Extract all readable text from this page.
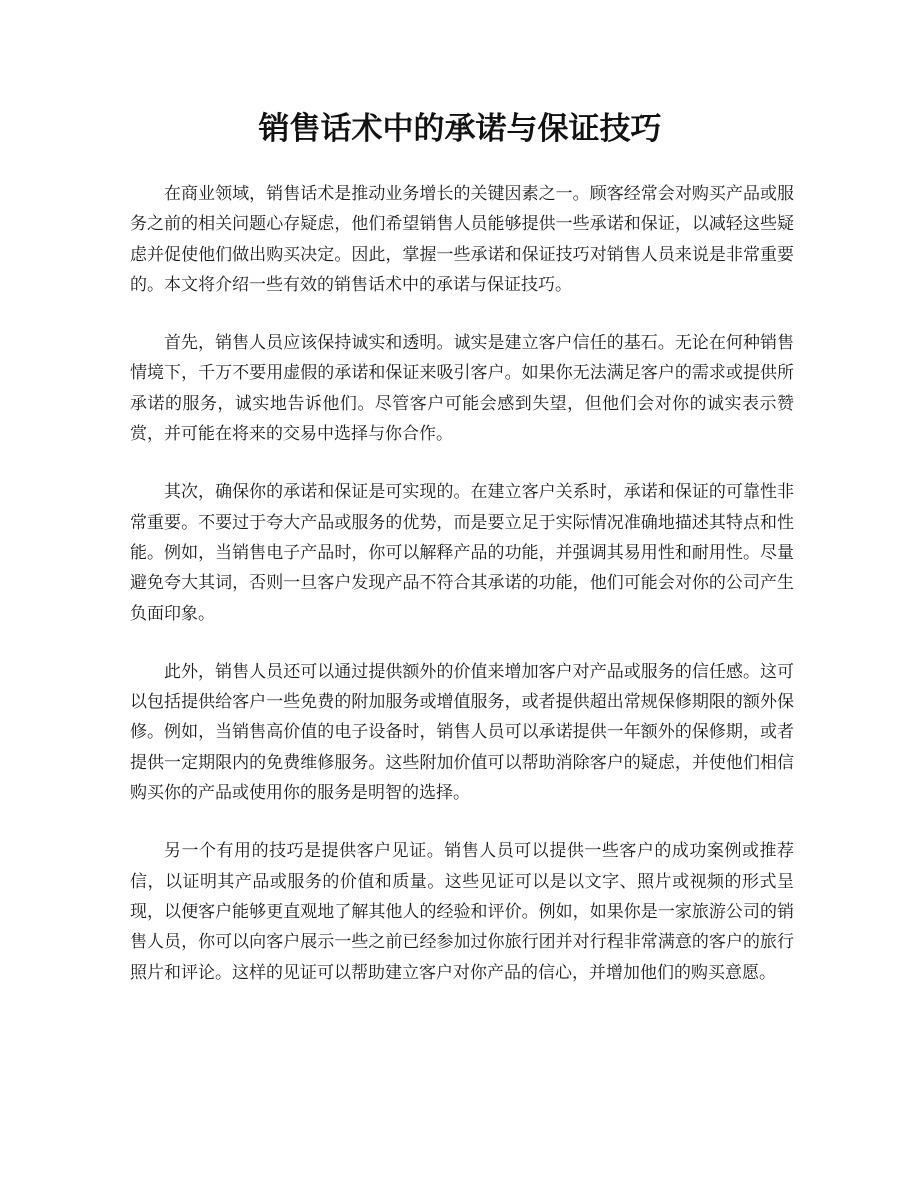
销售话术中的承诺与保证技巧

在商业领域，销售话术是推动业务增长的关键因素之一。顾客经常会对购买产品或服务之前的相关问题心存疑虑，他们希望销售人员能够提供一些承诺和保证，以减轻这些疑虑并促使他们做出购买决定。因此，掌握一些承诺和保证技巧对销售人员来说是非常重要的。本文将介绍一些有效的销售话术中的承诺与保证技巧。

首先，销售人员应该保持诚实和透明。诚实是建立客户信任的基石。无论在何种销售情境下，千万不要用虚假的承诺和保证来吸引客户。如果你无法满足客户的需求或提供所承诺的服务，诚实地告诉他们。尽管客户可能会感到失望，但他们会对你的诚实表示赞赏，并可能在将来的交易中选择与你合作。

其次，确保你的承诺和保证是可实现的。在建立客户关系时，承诺和保证的可靠性非常重要。不要过于夸大产品或服务的优势，而是要立足于实际情况准确地描述其特点和性能。例如，当销售电子产品时，你可以解释产品的功能，并强调其易用性和耐用性。尽量避免夸大其词，否则一旦客户发现产品不符合其承诺的功能，他们可能会对你的公司产生负面印象。

此外，销售人员还可以通过提供额外的价值来增加客户对产品或服务的信任感。这可以包括提供给客户一些免费的附加服务或增值服务，或者提供超出常规保修期限的额外保修。例如，当销售高价值的电子设备时，销售人员可以承诺提供一年额外的保修期，或者提供一定期限内的免费维修服务。这些附加价值可以帮助消除客户的疑虑，并使他们相信购买你的产品或使用你的服务是明智的选择。

另一个有用的技巧是提供客户见证。销售人员可以提供一些客户的成功案例或推荐信，以证明其产品或服务的价值和质量。这些见证可以是以文字、照片或视频的形式呈现，以便客户能够更直观地了解其他人的经验和评价。例如，如果你是一家旅游公司的销售人员，你可以向客户展示一些之前已经参加过你旅行团并对行程非常满意的客户的旅行照片和评论。这样的见证可以帮助建立客户对你产品的信心，并增加他们的购买意愿。
